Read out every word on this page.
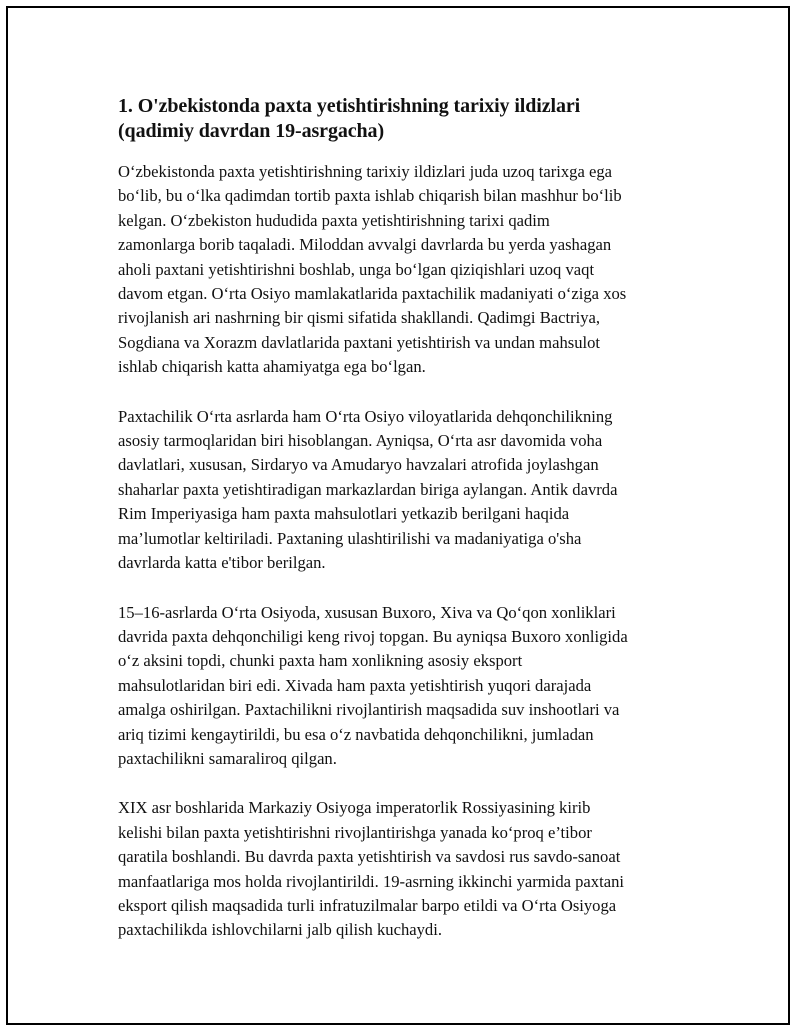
1. O'zbekistonda paxta yetishtirishning tarixiy ildizlari
(qadimiy davrdan 19-asrgacha)

O‘zbekistonda paxta yetishtirishning tarixiy ildizlari juda uzoq tarixga ega
bo‘lib, bu o‘lka qadimdan tortib paxta ishlab chiqarish bilan mashhur bo‘lib
kelgan. O‘zbekiston hududida paxta yetishtirishning tarixi qadim
zamonlarga borib taqaladi. Miloddan avvalgi davrlarda bu yerda yashagan
aholi paxtani yetishtirishni boshlab, unga bo‘lgan qiziqishlari uzoq vaqt
davom etgan. O‘rta Osiyo mamlakatlarida paxtachilik madaniyati o‘ziga xos
rivojlanish ari nashrning bir qismi sifatida shakllandi. Qadimgi Bactriya,
Sogdiana va Xorazm davlatlarida paxtani yetishtirish va undan mahsulot
ishlab chiqarish katta ahamiyatga ega bo‘lgan.

Paxtachilik O‘rta asrlarda ham O‘rta Osiyo viloyatlarida dehqonchilikning
asosiy tarmoqlaridan biri hisoblangan. Ayniqsa, O‘rta asr davomida voha
davlatlari, xususan, Sirdaryo va Amudaryo havzalari atrofida joylashgan
shaharlar paxta yetishtiradigan markazlardan biriga aylangan. Antik davrda
Rim Imperiyasiga ham paxta mahsulotlari yetkazib berilgani haqida
ma’lumotlar keltiriladi. Paxtaning ulashtirilishi va madaniyatiga o'sha
davrlarda katta e'tibor berilgan.

15–16-asrlarda O‘rta Osiyoda, xususan Buxoro, Xiva va Qo‘qon xonliklari
davrida paxta dehqonchiligi keng rivoj topgan. Bu ayniqsa Buxoro xonligida
o‘z aksini topdi, chunki paxta ham xonlikning asosiy eksport
mahsulotlaridan biri edi. Xivada ham paxta yetishtirish yuqori darajada
amalga oshirilgan. Paxtachilikni rivojlantirish maqsadida suv inshootlari va
ariq tizimi kengaytirildi, bu esa o‘z navbatida dehqonchilikni, jumladan
paxtachilikni samaraliroq qilgan.

XIX asr boshlarida Markaziy Osiyoga imperatorlik Rossiyasining kirib
kelishi bilan paxta yetishtirishni rivojlantirishga yanada ko‘proq e’tibor
qaratila boshlandi. Bu davrda paxta yetishtirish va savdosi rus savdo-sanoat
manfaatlariga mos holda rivojlantirildi. 19-asrning ikkinchi yarmida paxtani
eksport qilish maqsadida turli infratuzilmalar barpo etildi va O‘rta Osiyoga
paxtachilikda ishlovchilarni jalb qilish kuchaydi.
